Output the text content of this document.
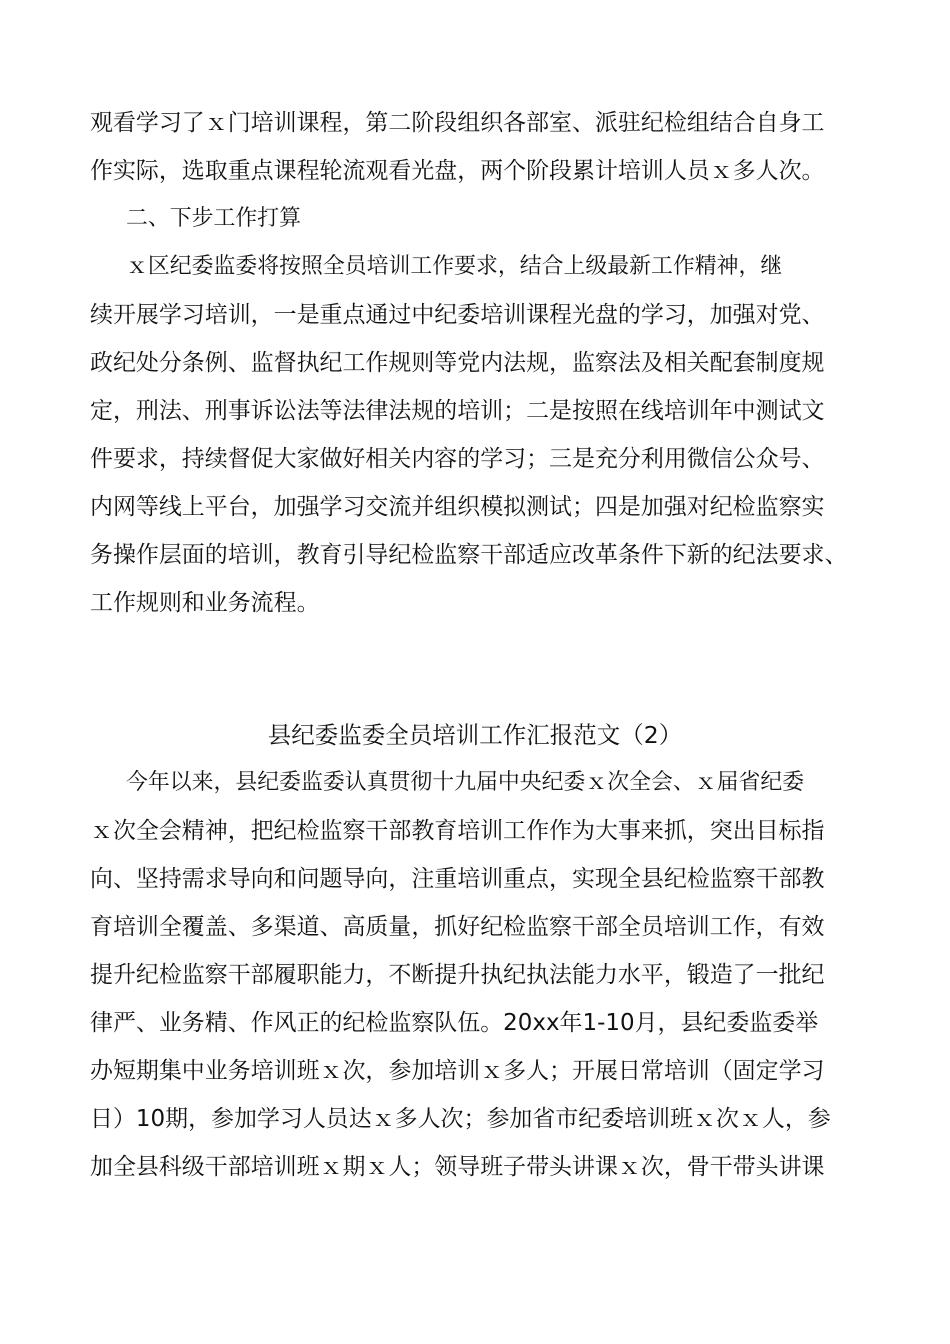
观看学习了ｘ门培训课程，第二阶段组织各部室、派驻纪检组结合自身工
作实际，选取重点课程轮流观看光盘，两个阶段累计培训人员ｘ多人次。
二、下步工作打算
ｘ区纪委监委将按照全员培训工作要求，结合上级最新工作精神，继
续开展学习培训，一是重点通过中纪委培训课程光盘的学习，加强对党、
政纪处分条例、监督执纪工作规则等党内法规，监察法及相关配套制度规
定，刑法、刑事诉讼法等法律法规的培训；二是按照在线培训年中测试文
件要求，持续督促大家做好相关内容的学习；三是充分利用微信公众号、
内网等线上平台，加强学习交流并组织模拟测试；四是加强对纪检监察实
务操作层面的培训，教育引导纪检监察干部适应改革条件下新的纪法要求、
工作规则和业务流程。
县纪委监委全员培训工作汇报范文（2）
今年以来，县纪委监委认真贯彻十九届中央纪委ｘ次全会、ｘ届省纪委
ｘ次全会精神，把纪检监察干部教育培训工作作为大事来抓，突出目标指
向、坚持需求导向和问题导向，注重培训重点，实现全县纪检监察干部教
育培训全覆盖、多渠道、高质量，抓好纪检监察干部全员培训工作，有效
提升纪检监察干部履职能力，不断提升执纪执法能力水平，锻造了一批纪
律严、业务精、作风正的纪检监察队伍。20xx年1-10月，县纪委监委举
办短期集中业务培训班ｘ次，参加培训ｘ多人；开展日常培训（固定学习
日）10期，参加学习人员达ｘ多人次；参加省市纪委培训班ｘ次ｘ人，参
加全县科级干部培训班ｘ期ｘ人；领导班子带头讲课ｘ次，骨干带头讲课
